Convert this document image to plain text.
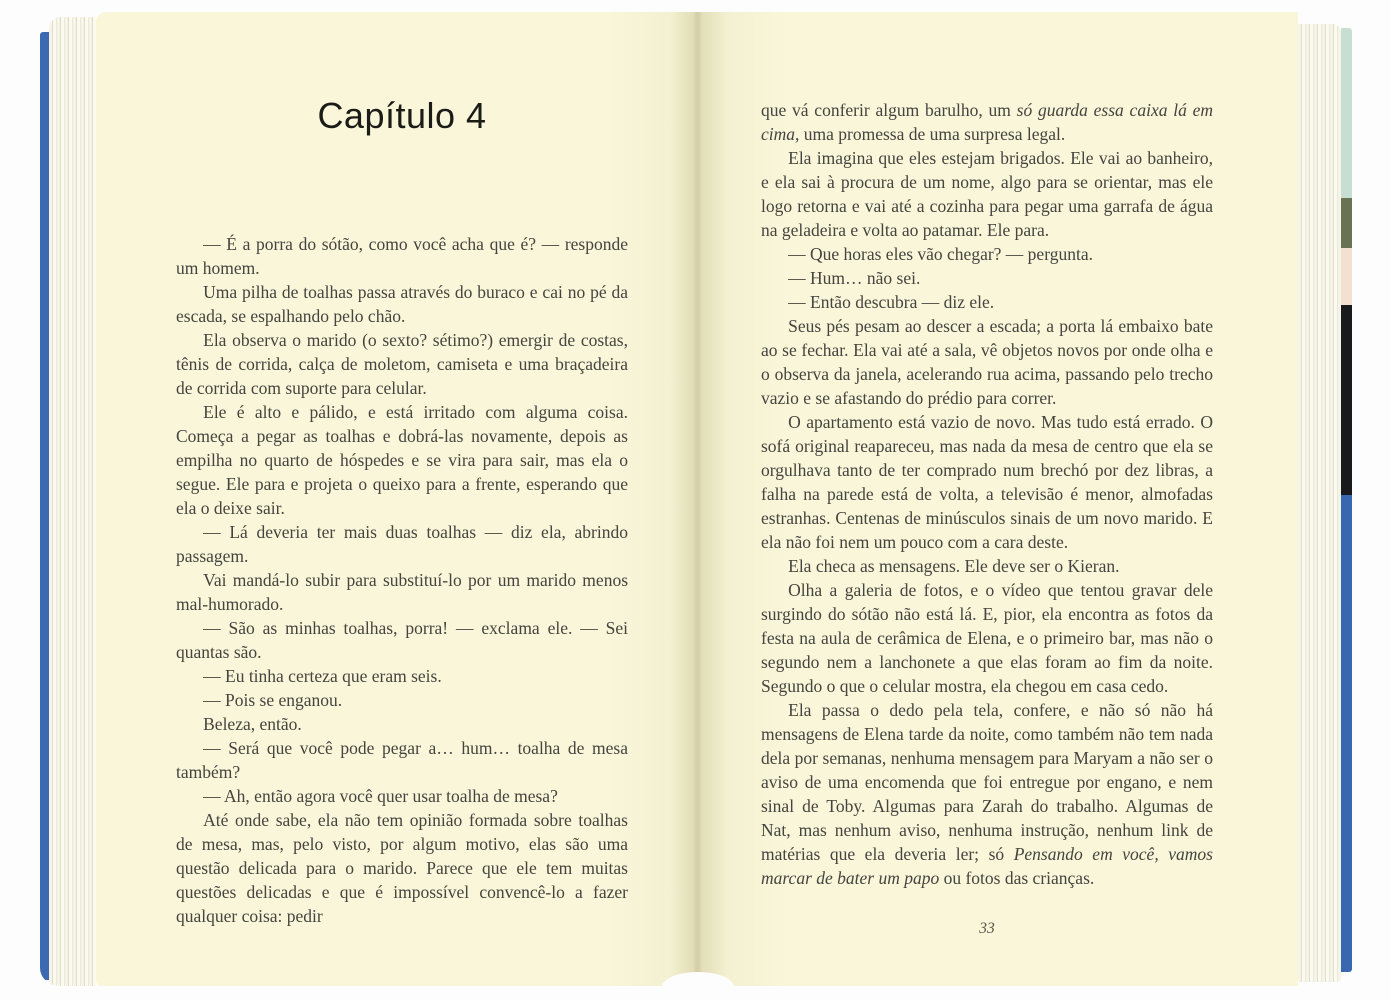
Capítulo 4

— É a porra do sótão, como você acha que é? — responde um homem.

Uma pilha de toalhas passa através do buraco e cai no pé da escada, se espalhando pelo chão.

Ela observa o marido (o sexto? sétimo?) emergir de costas, tênis de corrida, calça de moletom, camiseta e uma braçadeira de corrida com suporte para celular.

Ele é alto e pálido, e está irritado com alguma coisa. Começa a pegar as toalhas e dobrá-las novamente, depois as empilha no quarto de hóspedes e se vira para sair, mas ela o segue. Ele para e projeta o queixo para a frente, esperando que ela o deixe sair.

— Lá deveria ter mais duas toalhas — diz ela, abrindo passagem.

Vai mandá-lo subir para substituí-lo por um marido menos mal-humorado.

— São as minhas toalhas, porra! — exclama ele. — Sei quantas são.

— Eu tinha certeza que eram seis.

— Pois se enganou.

Beleza, então.

— Será que você pode pegar a… hum… toalha de mesa também?

— Ah, então agora você quer usar toalha de mesa?

Até onde sabe, ela não tem opinião formada sobre toalhas de mesa, mas, pelo visto, por algum motivo, elas são uma questão delicada para o marido. Parece que ele tem muitas questões delicadas e que é impossível convencê-lo a fazer qualquer coisa: pedir

que vá conferir algum barulho, um só guarda essa caixa lá em cima, uma promessa de uma surpresa legal.

Ela imagina que eles estejam brigados. Ele vai ao banheiro, e ela sai à procura de um nome, algo para se orientar, mas ele logo retorna e vai até a cozinha para pegar uma garrafa de água na geladeira e volta ao patamar. Ele para.

— Que horas eles vão chegar? — pergunta.

— Hum… não sei.

— Então descubra — diz ele.

Seus pés pesam ao descer a escada; a porta lá embaixo bate ao se fechar. Ela vai até a sala, vê objetos novos por onde olha e o observa da janela, acelerando rua acima, passando pelo trecho vazio e se afastando do prédio para correr.

O apartamento está vazio de novo. Mas tudo está errado. O sofá original reapareceu, mas nada da mesa de centro que ela se orgulhava tanto de ter comprado num brechó por dez libras, a falha na parede está de volta, a televisão é menor, almofadas estranhas. Centenas de minúsculos sinais de um novo marido. E ela não foi nem um pouco com a cara deste.

Ela checa as mensagens. Ele deve ser o Kieran.

Olha a galeria de fotos, e o vídeo que tentou gravar dele surgindo do sótão não está lá. E, pior, ela encontra as fotos da festa na aula de cerâmica de Elena, e o primeiro bar, mas não o segundo nem a lanchonete a que elas foram ao fim da noite. Segundo o que o celular mostra, ela chegou em casa cedo.

Ela passa o dedo pela tela, confere, e não só não há mensagens de Elena tarde da noite, como também não tem nada dela por semanas, nenhuma mensagem para Maryam a não ser o aviso de uma encomenda que foi entregue por engano, e nem sinal de Toby. Algumas para Zarah do trabalho. Algumas de Nat, mas nenhum aviso, nenhuma instrução, nenhum link de matérias que ela deveria ler; só Pensando em você, vamos marcar de bater um papo ou fotos das crianças.

33
